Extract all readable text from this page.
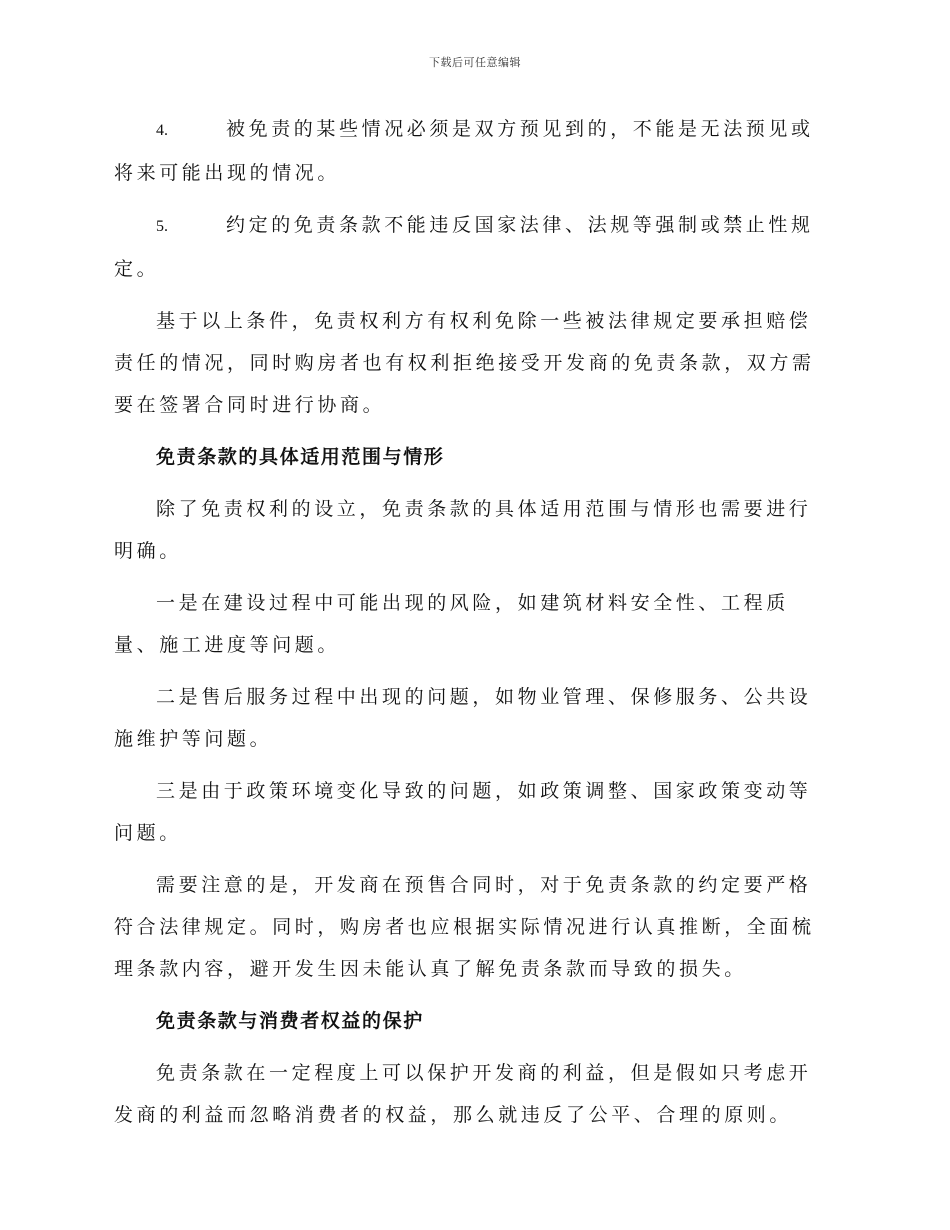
下载后可任意编辑

4.	被免责的某些情况必须是双方预见到的，不能是无法预见或将来可能出现的情况。

5.	约定的免责条款不能违反国家法律、法规等强制或禁止性规定。

基于以上条件，免责权利方有权利免除一些被法律规定要承担赔偿责任的情况，同时购房者也有权利拒绝接受开发商的免责条款，双方需要在签署合同时进行协商。

免责条款的具体适用范围与情形

除了免责权利的设立，免责条款的具体适用范围与情形也需要进行明确。

一是在建设过程中可能出现的风险，如建筑材料安全性、工程质量、施工进度等问题。

二是售后服务过程中出现的问题，如物业管理、保修服务、公共设施维护等问题。

三是由于政策环境变化导致的问题，如政策调整、国家政策变动等问题。

需要注意的是，开发商在预售合同时，对于免责条款的约定要严格符合法律规定。同时，购房者也应根据实际情况进行认真推断，全面梳理条款内容，避开发生因未能认真了解免责条款而导致的损失。

免责条款与消费者权益的保护

免责条款在一定程度上可以保护开发商的利益，但是假如只考虑开发商的利益而忽略消费者的权益，那么就违反了公平、合理的原则。
